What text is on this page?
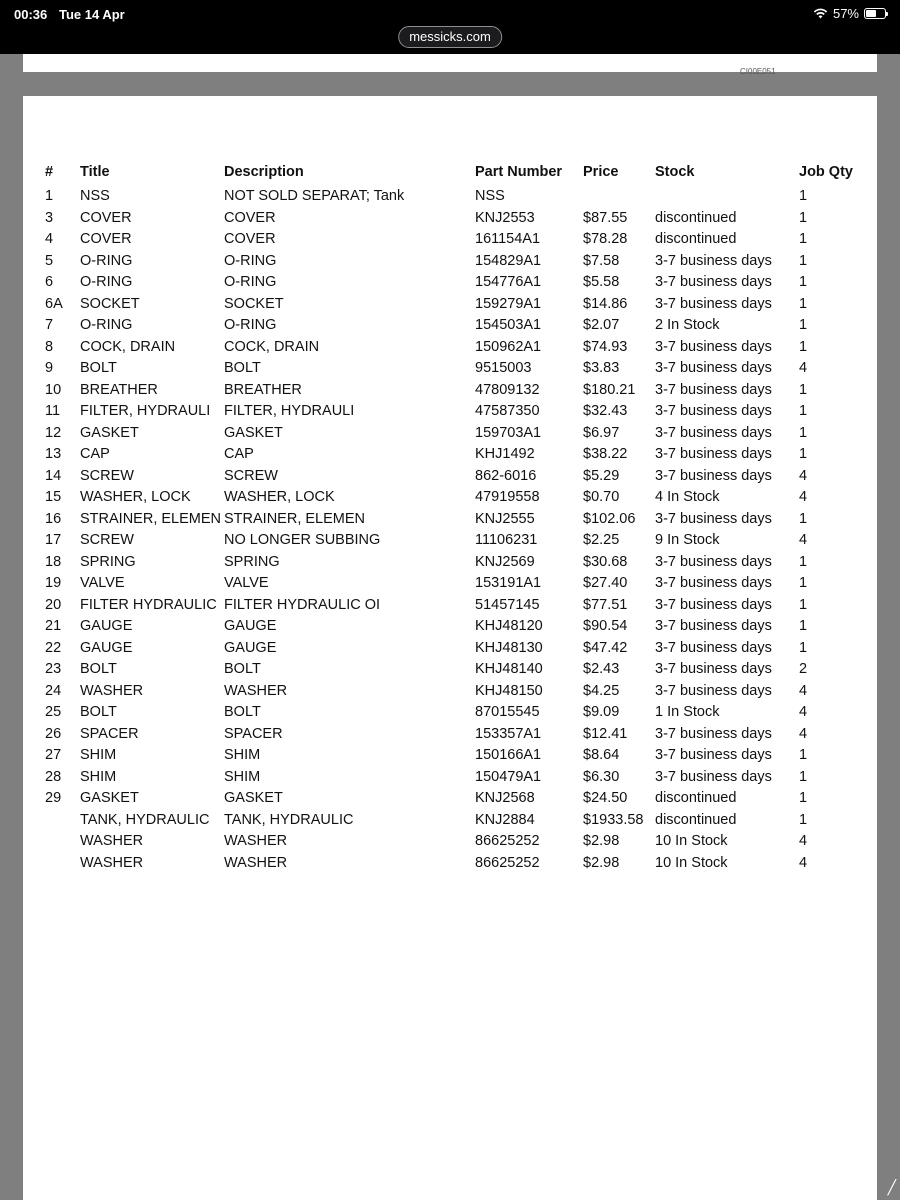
00:36 Tue 14 Apr	57%
messicks.com
CI00E051
#	Title	Description	Part Number	Price	Stock	Job Qty
1	NSS	NOT SOLD SEPARAT; Tank	NSS			1
3	COVER	COVER	KNJ2553	$87.55	discontinued	1
4	COVER	COVER	161154A1	$78.28	discontinued	1
5	O-RING	O-RING	154829A1	$7.58	3-7 business days	1
6	O-RING	O-RING	154776A1	$5.58	3-7 business days	1
6A	SOCKET	SOCKET	159279A1	$14.86	3-7 business days	1
7	O-RING	O-RING	154503A1	$2.07	2 In Stock	1
8	COCK, DRAIN	COCK, DRAIN	150962A1	$74.93	3-7 business days	1
9	BOLT	BOLT	9515003	$3.83	3-7 business days	4
10	BREATHER	BREATHER	47809132	$180.21	3-7 business days	1
11	FILTER, HYDRAULI	FILTER, HYDRAULI	47587350	$32.43	3-7 business days	1
12	GASKET	GASKET	159703A1	$6.97	3-7 business days	1
13	CAP	CAP	KHJ1492	$38.22	3-7 business days	1
14	SCREW	SCREW	862-6016	$5.29	3-7 business days	4
15	WASHER, LOCK	WASHER, LOCK	47919558	$0.70	4 In Stock	4
16	STRAINER, ELEMEN	STRAINER, ELEMEN	KNJ2555	$102.06	3-7 business days	1
17	SCREW	NO LONGER SUBBING	11106231	$2.25	9 In Stock	4
18	SPRING	SPRING	KNJ2569	$30.68	3-7 business days	1
19	VALVE	VALVE	153191A1	$27.40	3-7 business days	1
20	FILTER HYDRAULIC	FILTER HYDRAULIC OI	51457145	$77.51	3-7 business days	1
21	GAUGE	GAUGE	KHJ48120	$90.54	3-7 business days	1
22	GAUGE	GAUGE	KHJ48130	$47.42	3-7 business days	1
23	BOLT	BOLT	KHJ48140	$2.43	3-7 business days	2
24	WASHER	WASHER	KHJ48150	$4.25	3-7 business days	4
25	BOLT	BOLT	87015545	$9.09	1 In Stock	4
26	SPACER	SPACER	153357A1	$12.41	3-7 business days	4
27	SHIM	SHIM	150166A1	$8.64	3-7 business days	1
28	SHIM	SHIM	150479A1	$6.30	3-7 business days	1
29	GASKET	GASKET	KNJ2568	$24.50	discontinued	1
	TANK, HYDRAULIC	TANK, HYDRAULIC	KNJ2884	$1933.58	discontinued	1
	WASHER	WASHER	86625252	$2.98	10 In Stock	4
	WASHER	WASHER	86625252	$2.98	10 In Stock	4
╱
